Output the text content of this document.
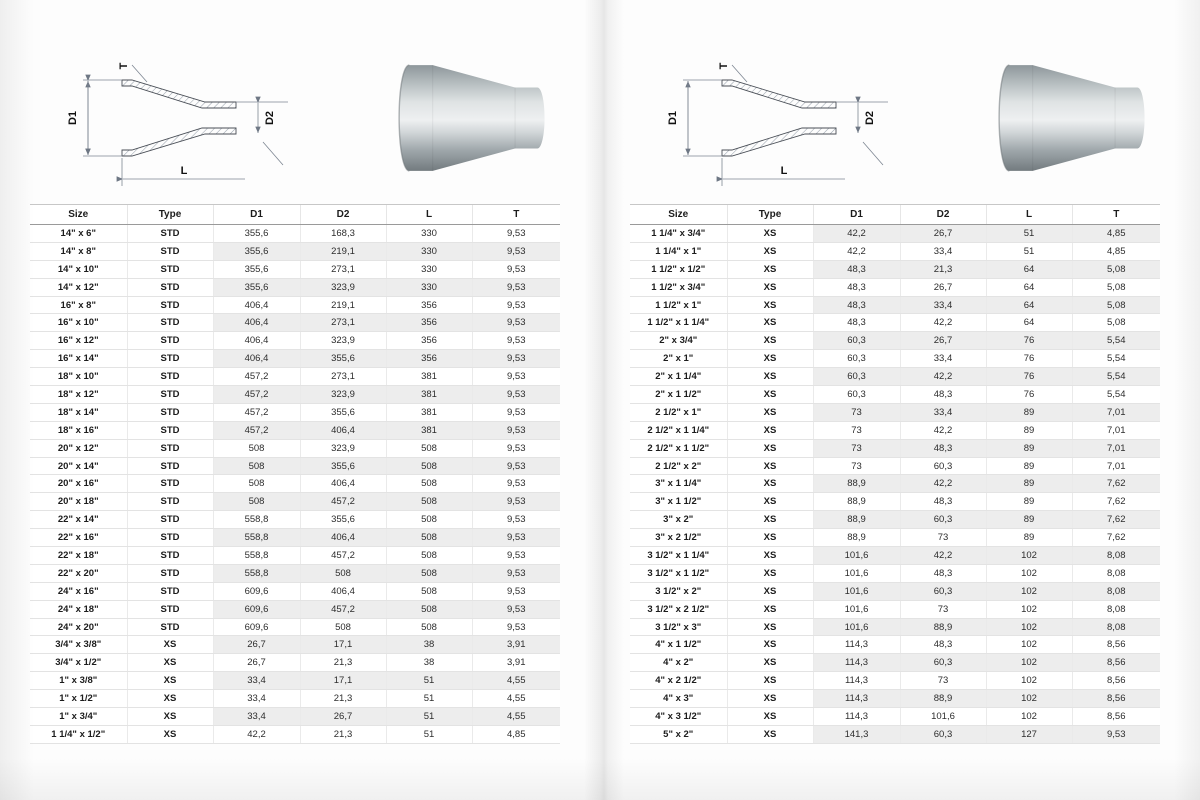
D1
T
D2
L
Size	Type	D1	D2	L	T
14" x 6"	STD	355,6	168,3	330	9,53
14" x 8"	STD	355,6	219,1	330	9,53
14" x 10"	STD	355,6	273,1	330	9,53
14" x 12"	STD	355,6	323,9	330	9,53
16" x 8"	STD	406,4	219,1	356	9,53
16" x 10"	STD	406,4	273,1	356	9,53
16" x 12"	STD	406,4	323,9	356	9,53
16" x 14"	STD	406,4	355,6	356	9,53
18" x 10"	STD	457,2	273,1	381	9,53
18" x 12"	STD	457,2	323,9	381	9,53
18" x 14"	STD	457,2	355,6	381	9,53
18" x 16"	STD	457,2	406,4	381	9,53
20" x 12"	STD	508	323,9	508	9,53
20" x 14"	STD	508	355,6	508	9,53
20" x 16"	STD	508	406,4	508	9,53
20" x 18"	STD	508	457,2	508	9,53
22" x 14"	STD	558,8	355,6	508	9,53
22" x 16"	STD	558,8	406,4	508	9,53
22" x 18"	STD	558,8	457,2	508	9,53
22" x 20"	STD	558,8	508	508	9,53
24" x 16"	STD	609,6	406,4	508	9,53
24" x 18"	STD	609,6	457,2	508	9,53
24" x 20"	STD	609,6	508	508	9,53
3/4" x 3/8"	XS	26,7	17,1	38	3,91
3/4" x 1/2"	XS	26,7	21,3	38	3,91
1" x 3/8"	XS	33,4	17,1	51	4,55
1" x 1/2"	XS	33,4	21,3	51	4,55
1" x 3/4"	XS	33,4	26,7	51	4,55
1 1/4" x 1/2"	XS	42,2	21,3	51	4,85
D1
T
D2
L
Size	Type	D1	D2	L	T
1 1/4" x 3/4"	XS	42,2	26,7	51	4,85
1 1/4" x 1"	XS	42,2	33,4	51	4,85
1 1/2" x 1/2"	XS	48,3	21,3	64	5,08
1 1/2" x 3/4"	XS	48,3	26,7	64	5,08
1 1/2" x 1"	XS	48,3	33,4	64	5,08
1 1/2" x 1 1/4"	XS	48,3	42,2	64	5,08
2" x 3/4"	XS	60,3	26,7	76	5,54
2" x 1"	XS	60,3	33,4	76	5,54
2" x 1 1/4"	XS	60,3	42,2	76	5,54
2" x 1 1/2"	XS	60,3	48,3	76	5,54
2 1/2" x 1"	XS	73	33,4	89	7,01
2 1/2" x 1 1/4"	XS	73	42,2	89	7,01
2 1/2" x 1 1/2"	XS	73	48,3	89	7,01
2 1/2" x 2"	XS	73	60,3	89	7,01
3" x 1 1/4"	XS	88,9	42,2	89	7,62
3" x 1 1/2"	XS	88,9	48,3	89	7,62
3" x 2"	XS	88,9	60,3	89	7,62
3" x 2 1/2"	XS	88,9	73	89	7,62
3 1/2" x 1 1/4"	XS	101,6	42,2	102	8,08
3 1/2" x 1 1/2"	XS	101,6	48,3	102	8,08
3 1/2" x 2"	XS	101,6	60,3	102	8,08
3 1/2" x 2 1/2"	XS	101,6	73	102	8,08
3 1/2" x 3"	XS	101,6	88,9	102	8,08
4" x 1 1/2"	XS	114,3	48,3	102	8,56
4" x 2"	XS	114,3	60,3	102	8,56
4" x 2 1/2"	XS	114,3	73	102	8,56
4" x 3"	XS	114,3	88,9	102	8,56
4" x 3 1/2"	XS	114,3	101,6	102	8,56
5" x 2"	XS	141,3	60,3	127	9,53
